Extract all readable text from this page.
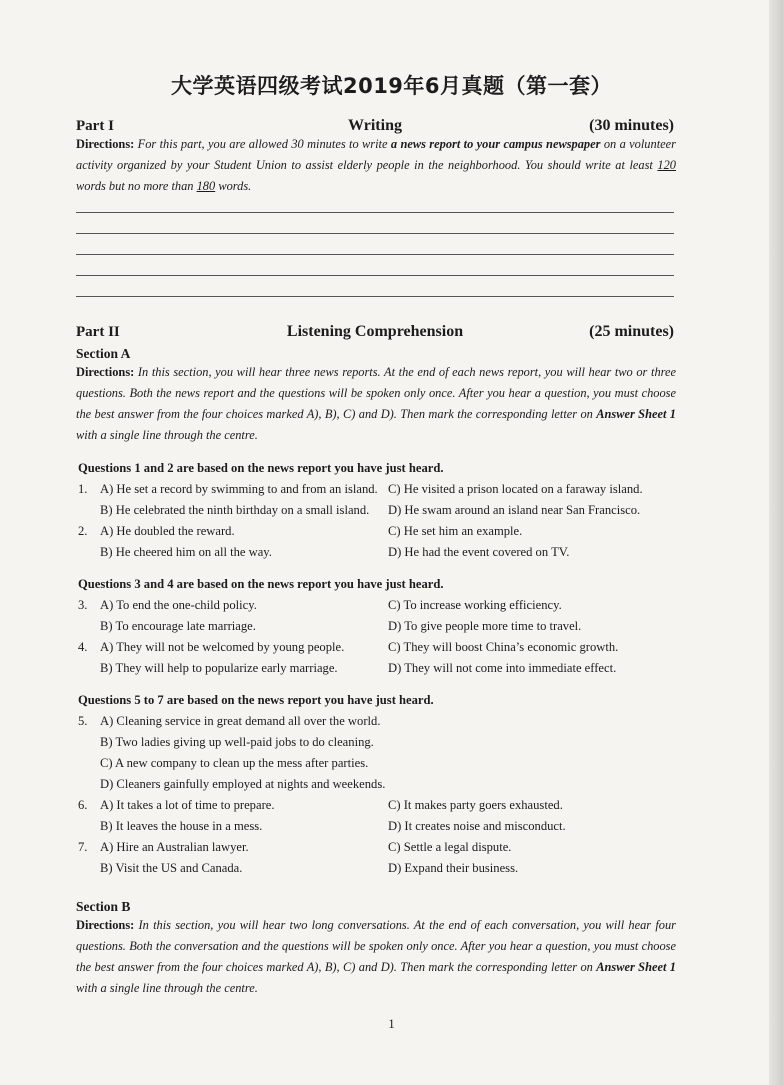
大学英语四级考试2019年6月真题（第一套）
Part I	Writing	(30 minutes)
Directions: For this part, you are allowed 30 minutes to write a news report to your campus newspaper on a volunteer activity organized by your Student Union to assist elderly people in the neighborhood. You should write at least 120 words but no more than 180 words.
Part II	Listening Comprehension	(25 minutes)
Section A
Directions: In this section, you will hear three news reports. At the end of each news report, you will hear two or three questions. Both the news report and the questions will be spoken only once. After you hear a question, you must choose the best answer from the four choices marked A), B), C) and D). Then mark the corresponding letter on Answer Sheet 1 with a single line through the centre.
Questions 1 and 2 are based on the news report you have just heard.
1. A) He set a record by swimming to and from an island. C) He visited a prison located on a faraway island.
B) He celebrated the ninth birthday on a small island. D) He swam around an island near San Francisco.
2. A) He doubled the reward.	C) He set him an example.
B) He cheered him on all the way.	D) He had the event covered on TV.
Questions 3 and 4 are based on the news report you have just heard.
3. A) To end the one-child policy.	C) To increase working efficiency.
B) To encourage late marriage.	D) To give people more time to travel.
4. A) They will not be welcomed by young people.	C) They will boost China’s economic growth.
B) They will help to popularize early marriage.	D) They will not come into immediate effect.
Questions 5 to 7 are based on the news report you have just heard.
5. A) Cleaning service in great demand all over the world.
B) Two ladies giving up well-paid jobs to do cleaning.
C) A new company to clean up the mess after parties.
D) Cleaners gainfully employed at nights and weekends.
6. A) It takes a lot of time to prepare.	C) It makes party goers exhausted.
B) It leaves the house in a mess.	D) It creates noise and misconduct.
7. A) Hire an Australian lawyer.	C) Settle a legal dispute.
B) Visit the US and Canada.	D) Expand their business.
Section B
Directions: In this section, you will hear two long conversations. At the end of each conversation, you will hear four questions. Both the conversation and the questions will be spoken only once. After you hear a question, you must choose the best answer from the four choices marked A), B), C) and D). Then mark the corresponding letter on Answer Sheet 1 with a single line through the centre.
1
